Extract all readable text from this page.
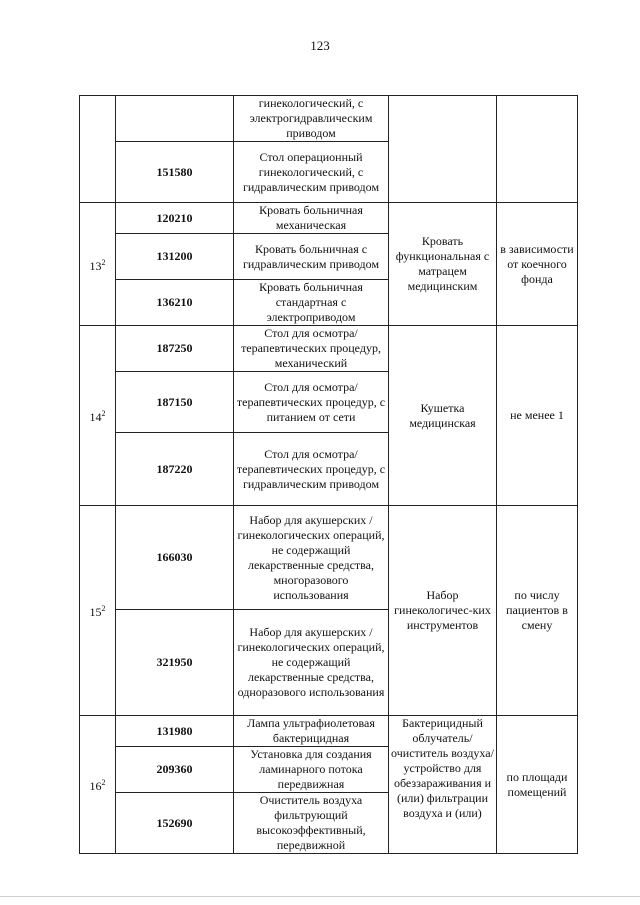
123
		гинекологический, с электрогидравлическим приводом		
	151580	Стол операционный гинекологический, с гидравлическим приводом		
$13^2$	120210	Кровать больничная механическая	Кровать функциональная с матрацем медицинским	в зависимости от коечного фонда
	131200	Кровать больничная с гидравлическим приводом		
	136210	Кровать больничная стандартная с электроприводом		
$14^2$	187250	Стол для осмотра/терапевтических процедур, механический	Кушетка медицинская	не менее 1
	187150	Стол для осмотра/терапевтических процедур, с питанием от сети		
	187220	Стол для осмотра/терапевтических процедур, с гидравлическим приводом		
$15^2$	166030	Набор для акушерских /гинекологических операций, не содержащий лекарственные средства, многоразового использования	Набор гинекологичес-ких инструментов	по числу пациентов в смену
	321950	Набор для акушерских /гинекологических операций, не содержащий лекарственные средства, одноразового использования		
$16^2$	131980	Лампа ультрафиолетовая бактерицидная	Бактерицидный облучатель/ очиститель воздуха/ устройство для обеззараживания и (или) фильтрации воздуха и (или)	по площади помещений
	209360	Установка для создания ламинарного потока передвижная		
	152690	Очиститель воздуха фильтрующий высокоэффективный, передвижной		
